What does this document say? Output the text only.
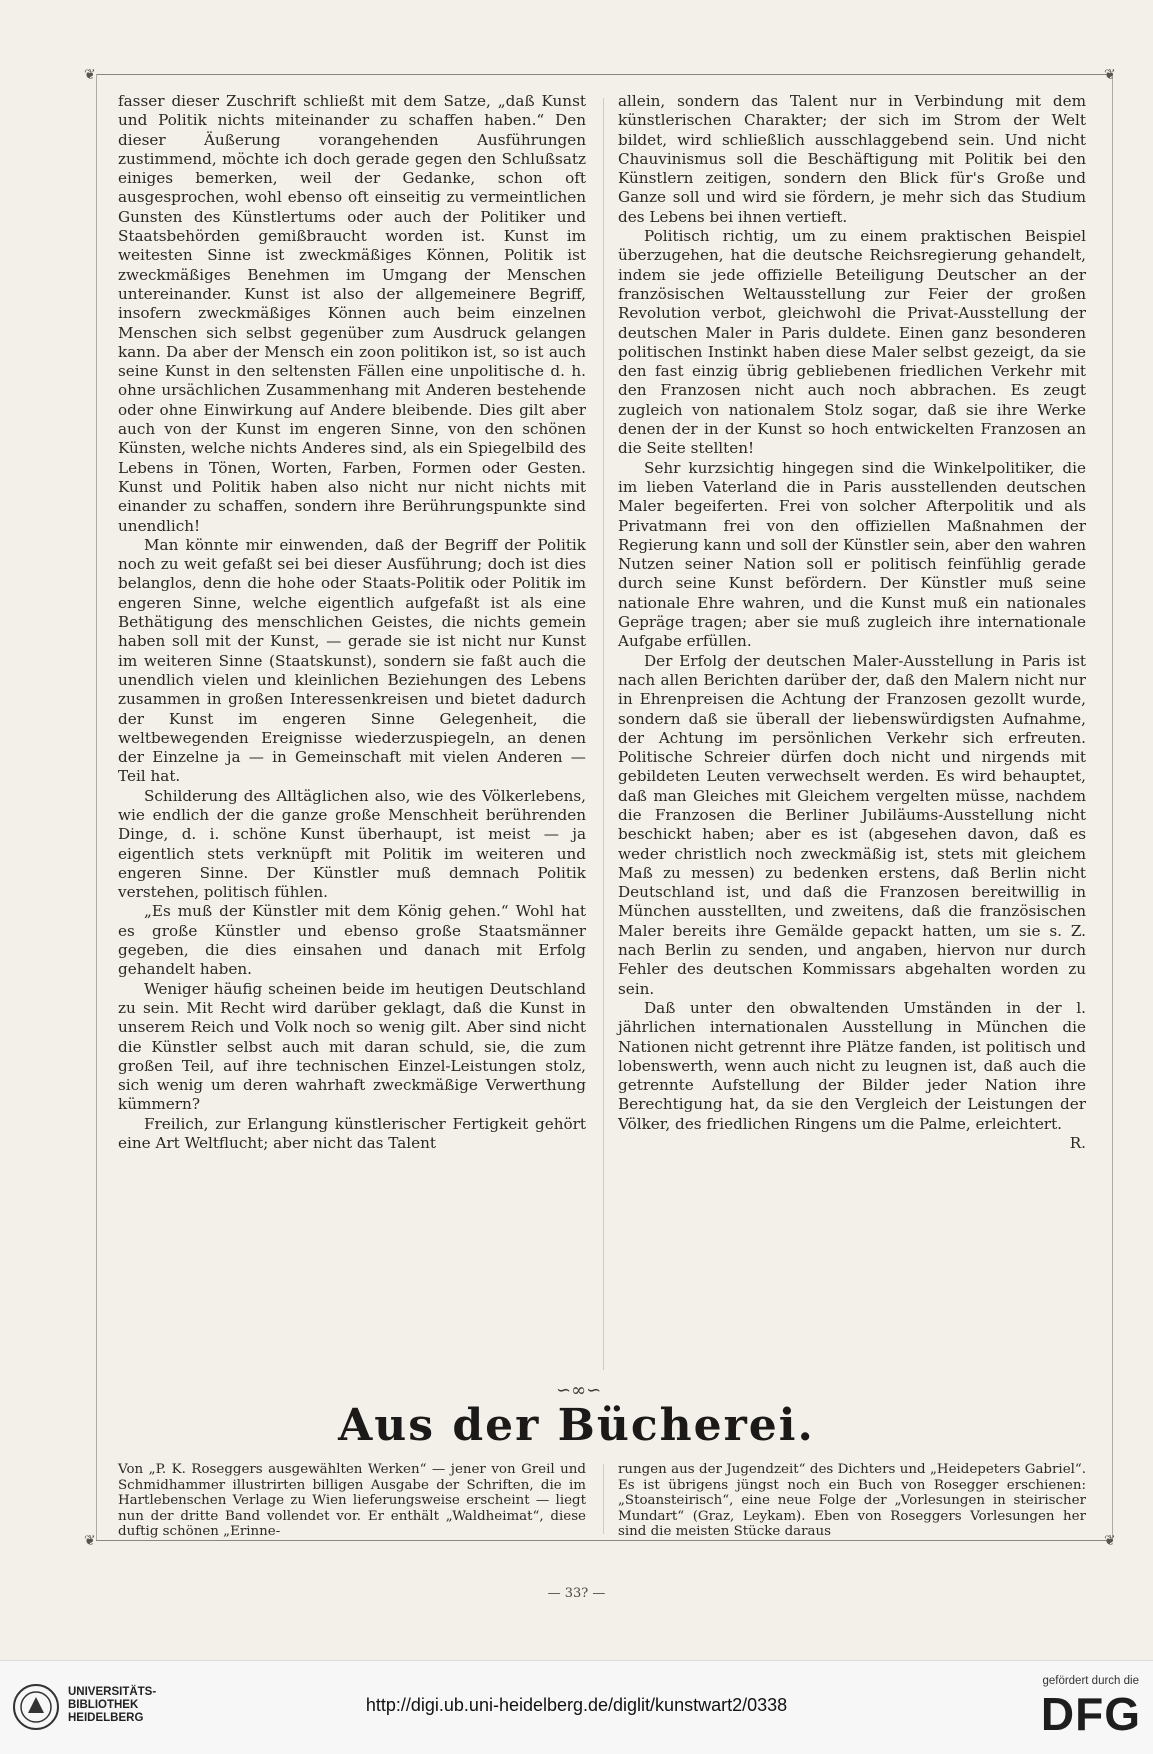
❦	❦
❦	❦

fasser dieser Zuschrift schließt mit dem Satze, „daß Kunst und Politik nichts miteinander zu schaffen haben.“ Den dieser Äußerung vorangehenden Ausführungen zustimmend, möchte ich doch gerade gegen den Schlußsatz einiges bemerken, weil der Gedanke, schon oft ausgesprochen, wohl ebenso oft einseitig zu vermeintlichen Gunsten des Künstlertums oder auch der Politiker und Staatsbehörden gemißbraucht worden ist. Kunst im weitesten Sinne ist zweckmäßiges Können, Politik ist zweckmäßiges Benehmen im Umgang der Menschen untereinander. Kunst ist also der allgemeinere Begriff, insofern zweckmäßiges Können auch beim einzelnen Menschen sich selbst gegenüber zum Ausdruck gelangen kann. Da aber der Mensch ein zoon politikon ist, so ist auch seine Kunst in den seltensten Fällen eine unpolitische d. h. ohne ursächlichen Zusammenhang mit Anderen bestehende oder ohne Einwirkung auf Andere bleibende. Dies gilt aber auch von der Kunst im engeren Sinne, von den schönen Künsten, welche nichts Anderes sind, als ein Spiegelbild des Lebens in Tönen, Worten, Farben, Formen oder Gesten. Kunst und Politik haben also nicht nur nicht nichts mit einander zu schaffen, sondern ihre Berührungspunkte sind unendlich!

Man könnte mir einwenden, daß der Begriff der Politik noch zu weit gefaßt sei bei dieser Ausführung; doch ist dies belanglos, denn die hohe oder Staats-Politik oder Politik im engeren Sinne, welche eigentlich aufgefaßt ist als eine Bethätigung des menschlichen Geistes, die nichts gemein haben soll mit der Kunst, — gerade sie ist nicht nur Kunst im weiteren Sinne (Staatskunst), sondern sie faßt auch die unendlich vielen und kleinlichen Beziehungen des Lebens zusammen in großen Interessenkreisen und bietet dadurch der Kunst im engeren Sinne Gelegenheit, die weltbewegenden Ereignisse wiederzuspiegeln, an denen der Einzelne ja — in Gemeinschaft mit vielen Anderen — Teil hat.

Schilderung des Alltäglichen also, wie des Völkerlebens, wie endlich der die ganze große Menschheit berührenden Dinge, d. i. schöne Kunst überhaupt, ist meist — ja eigentlich stets verknüpft mit Politik im weiteren und engeren Sinne. Der Künstler muß demnach Politik verstehen, politisch fühlen.

„Es muß der Künstler mit dem König gehen.“ Wohl hat es große Künstler und ebenso große Staatsmänner gegeben, die dies einsahen und danach mit Erfolg gehandelt haben.

Weniger häufig scheinen beide im heutigen Deutschland zu sein. Mit Recht wird darüber geklagt, daß die Kunst in unserem Reich und Volk noch so wenig gilt. Aber sind nicht die Künstler selbst auch mit daran schuld, sie, die zum großen Teil, auf ihre technischen Einzel-Leistungen stolz, sich wenig um deren wahrhaft zweckmäßige Verwerthung kümmern?

Freilich, zur Erlangung künstlerischer Fertigkeit gehört eine Art Weltflucht; aber nicht das Talent

allein, sondern das Talent nur in Verbindung mit dem künstlerischen Charakter; der sich im Strom der Welt bildet, wird schließlich ausschlaggebend sein. Und nicht Chauvinismus soll die Beschäftigung mit Politik bei den Künstlern zeitigen, sondern den Blick für's Große und Ganze soll und wird sie fördern, je mehr sich das Studium des Lebens bei ihnen vertieft.

Politisch richtig, um zu einem praktischen Beispiel überzugehen, hat die deutsche Reichsregierung gehandelt, indem sie jede offizielle Beteiligung Deutscher an der französischen Weltausstellung zur Feier der großen Revolution verbot, gleichwohl die Privat-Ausstellung der deutschen Maler in Paris duldete. Einen ganz besonderen politischen Instinkt haben diese Maler selbst gezeigt, da sie den fast einzig übrig gebliebenen friedlichen Verkehr mit den Franzosen nicht auch noch abbrachen. Es zeugt zugleich von nationalem Stolz sogar, daß sie ihre Werke denen der in der Kunst so hoch entwickelten Franzosen an die Seite stellten!

Sehr kurzsichtig hingegen sind die Winkelpolitiker, die im lieben Vaterland die in Paris ausstellenden deutschen Maler begeiferten. Frei von solcher Afterpolitik und als Privatmann frei von den offiziellen Maßnahmen der Regierung kann und soll der Künstler sein, aber den wahren Nutzen seiner Nation soll er politisch feinfühlig gerade durch seine Kunst befördern. Der Künstler muß seine nationale Ehre wahren, und die Kunst muß ein nationales Gepräge tragen; aber sie muß zugleich ihre internationale Aufgabe erfüllen.

Der Erfolg der deutschen Maler-Ausstellung in Paris ist nach allen Berichten darüber der, daß den Malern nicht nur in Ehrenpreisen die Achtung der Franzosen gezollt wurde, sondern daß sie überall der liebenswürdigsten Aufnahme, der Achtung im persönlichen Verkehr sich erfreuten. Politische Schreier dürfen doch nicht und nirgends mit gebildeten Leuten verwechselt werden. Es wird behauptet, daß man Gleiches mit Gleichem vergelten müsse, nachdem die Franzosen die Berliner Jubiläums-Ausstellung nicht beschickt haben; aber es ist (abgesehen davon, daß es weder christlich noch zweckmäßig ist, stets mit gleichem Maß zu messen) zu bedenken erstens, daß Berlin nicht Deutschland ist, und daß die Franzosen bereitwillig in München ausstellten, und zweitens, daß die französischen Maler bereits ihre Gemälde gepackt hatten, um sie s. Z. nach Berlin zu senden, und angaben, hiervon nur durch Fehler des deutschen Kommissars abgehalten worden zu sein.

Daß unter den obwaltenden Umständen in der l. jährlichen internationalen Ausstellung in München die Nationen nicht getrennt ihre Plätze fanden, ist politisch und lobenswerth, wenn auch nicht zu leugnen ist, daß auch die getrennte Aufstellung der Bilder jeder Nation ihre Berechtigung hat, da sie den Vergleich der Leistungen der Völker, des friedlichen Ringens um die Palme, erleichtert.

R.

∽∞∽
Aus der Bücherei.
Von „P. K. Roseggers ausgewählten Werken“ — jener von Greil und Schmidhammer illustrirten billigen Ausgabe der Schriften, die im Hartlebenschen Verlage zu Wien lieferungsweise erscheint — liegt nun der dritte Band vollendet vor. Er enthält „Waldheimat“, diese duftig schönen „Erinne-
rungen aus der Jugendzeit“ des Dichters und „Heidepeters Gabriel“. Es ist übrigens jüngst noch ein Buch von Rosegger erschienen: „Stoansteirisch“, eine neue Folge der „Vorlesungen in steirischer Mundart“ (Graz, Leykam). Eben von Roseggers Vorlesungen her sind die meisten Stücke daraus
— 33? —
UNIVERSITÄTS-
BIBLIOTHEK
HEIDELBERG
http://digi.ub.uni-heidelberg.de/diglit/kunstwart2/0338
gefördert durch die
DFG
